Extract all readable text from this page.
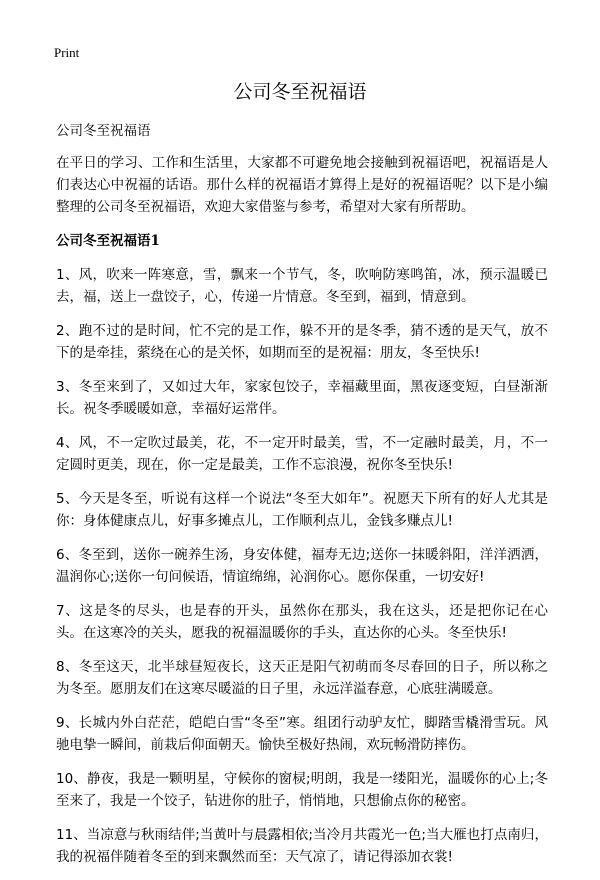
Print
公司冬至祝福语
公司冬至祝福语

在平日的学习、工作和生活里，大家都不可避免地会接触到祝福语吧，祝福语是人们表达心中祝福的话语。那什么样的祝福语才算得上是好的祝福语呢？以下是小编整理的公司冬至祝福语，欢迎大家借鉴与参考，希望对大家有所帮助。

公司冬至祝福语1

1、风，吹来一阵寒意，雪，飘来一个节气，冬，吹响防寒鸣笛，冰，预示温暖已去，福，送上一盘饺子，心，传递一片情意。冬至到，福到，情意到。

2、跑不过的是时间，忙不完的是工作，躲不开的是冬季，猜不透的是天气，放不下的是牵挂，萦绕在心的是关怀，如期而至的是祝福：朋友，冬至快乐!

3、冬至来到了，又如过大年，家家包饺子，幸福藏里面，黑夜逐变短，白昼渐渐长。祝冬季暖暖如意，幸福好运常伴。

4、风，不一定吹过最美，花，不一定开时最美，雪，不一定融时最美，月，不一定圆时更美，现在，你一定是最美，工作不忘浪漫，祝你冬至快乐!

5、今天是冬至，听说有这样一个说法“冬至大如年”。祝愿天下所有的好人尤其是你：身体健康点儿，好事多摊点儿，工作顺利点儿，金钱多赚点儿!

6、冬至到，送你一碗养生汤，身安体健，福寿无边;送你一抹暖斜阳，洋洋洒洒，温润你心;送你一句问候语，情谊绵绵，沁润你心。愿你保重，一切安好!

7、这是冬的尽头，也是春的开头，虽然你在那头，我在这头，还是把你记在心头。在这寒冷的关头，愿我的祝福温暖你的手头，直达你的心头。冬至快乐!

8、冬至这天，北半球昼短夜长，这天正是阳气初萌而冬尽春回的日子，所以称之为冬至。愿朋友们在这寒尽暖溢的日子里，永远洋溢春意，心底驻满暖意。

9、长城内外白茫茫，皑皑白雪“冬至”寒。组团行动驴友忙，脚踏雪橇滑雪玩。风驰电挚一瞬间，前栽后仰面朝天。愉快至极好热闹，欢玩畅滑防摔伤。

10、静夜，我是一颗明星，守候你的窗棂;明朗，我是一缕阳光，温暖你的心上;冬至来了，我是一个饺子，钻进你的肚子，悄悄地，只想偷点你的秘密。

11、当凉意与秋雨结伴;当黄叶与晨露相依;当冷月共霞光一色;当大雁也打点南归，我的祝福伴随着冬至的到来飘然而至：天气凉了，请记得添加衣裳!
